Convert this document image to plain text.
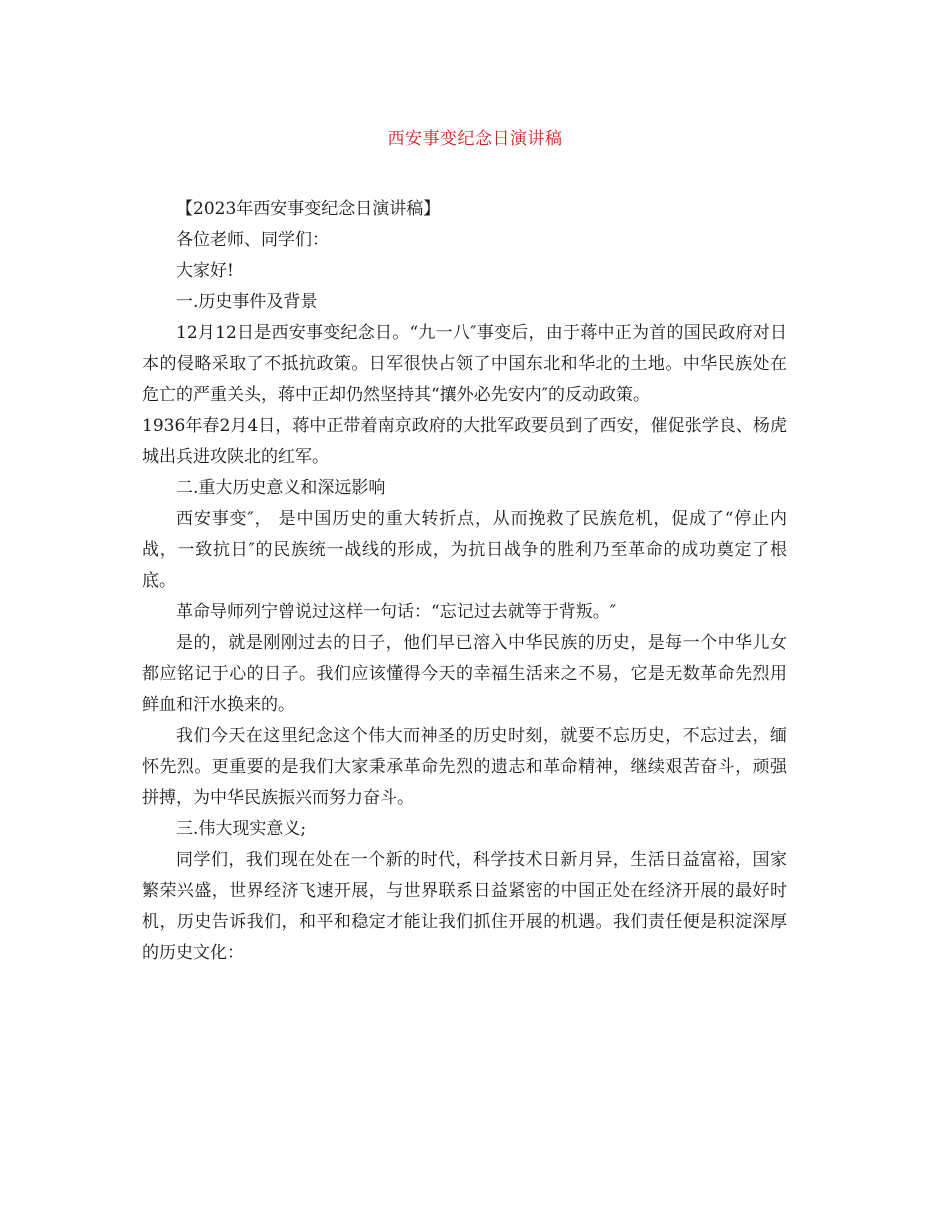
西安事变纪念日演讲稿

【2023年西安事变纪念日演讲稿】

各位老师、同学们：

大家好!

一.历史事件及背景

12月12日是西安事变纪念日。“九一八″事变后，由于蒋中正为首的国民政府对日本的侵略采取了不抵抗政策。日军很快占领了中国东北和华北的土地。中华民族处在危亡的严重关头，蒋中正却仍然坚持其“攘外必先安内″的反动政策。

1936年春2月4日，蒋中正带着南京政府的大批军政要员到了西安，催促张学良、杨虎城出兵进攻陕北的红军。

二.重大历史意义和深远影响

西安事变″， 是中国历史的重大转折点，从而挽救了民族危机，促成了“停止内战，一致抗日″的民族统一战线的形成，为抗日战争的胜利乃至革命的成功奠定了根底。

革命导师列宁曾说过这样一句话：“忘记过去就等于背叛。″

是的，就是刚刚过去的日子，他们早已溶入中华民族的历史，是每一个中华儿女都应铭记于心的日子。我们应该懂得今天的幸福生活来之不易，它是无数革命先烈用鲜血和汗水换来的。

我们今天在这里纪念这个伟大而神圣的历史时刻，就要不忘历史，不忘过去，缅怀先烈。更重要的是我们大家秉承革命先烈的遗志和革命精神，继续艰苦奋斗，顽强拼搏，为中华民族振兴而努力奋斗。

三.伟大现实意义;

同学们，我们现在处在一个新的时代，科学技术日新月异，生活日益富裕，国家繁荣兴盛，世界经济飞速开展，与世界联系日益紧密的中国正处在经济开展的最好时机，历史告诉我们，和平和稳定才能让我们抓住开展的机遇。我们责任便是积淀深厚的历史文化：
